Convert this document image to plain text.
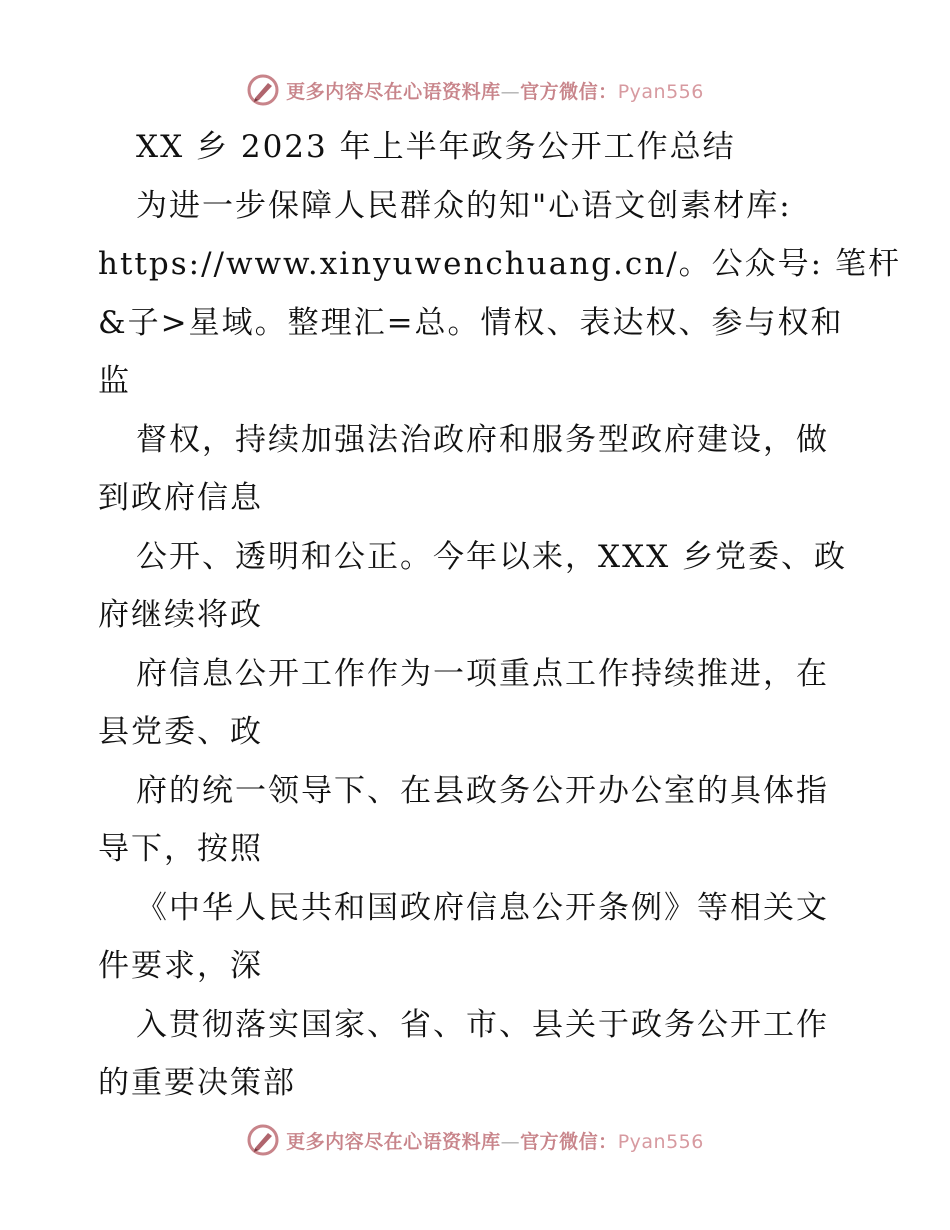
更多内容尽在心语资料库—官方微信：Pyan556
XX 乡 2023 年上半年政务公开工作总结
为进一步保障人民群众的知"心语文创素材库:
https://www.xinyuwenchuang.cn/。公众号: 笔杆
&子>星域。整理汇=总。情权、表达权、参与权和
监
督权，持续加强法治政府和服务型政府建设，做
到政府信息
公开、透明和公正。今年以来，XXX 乡党委、政
府继续将政
府信息公开工作作为一项重点工作持续推进，在
县党委、政
府的统一领导下、在县政务公开办公室的具体指
导下，按照
《中华人民共和国政府信息公开条例》等相关文
件要求，深
入贯彻落实国家、省、市、县关于政务公开工作
的重要决策部
更多内容尽在心语资料库—官方微信：Pyan556
